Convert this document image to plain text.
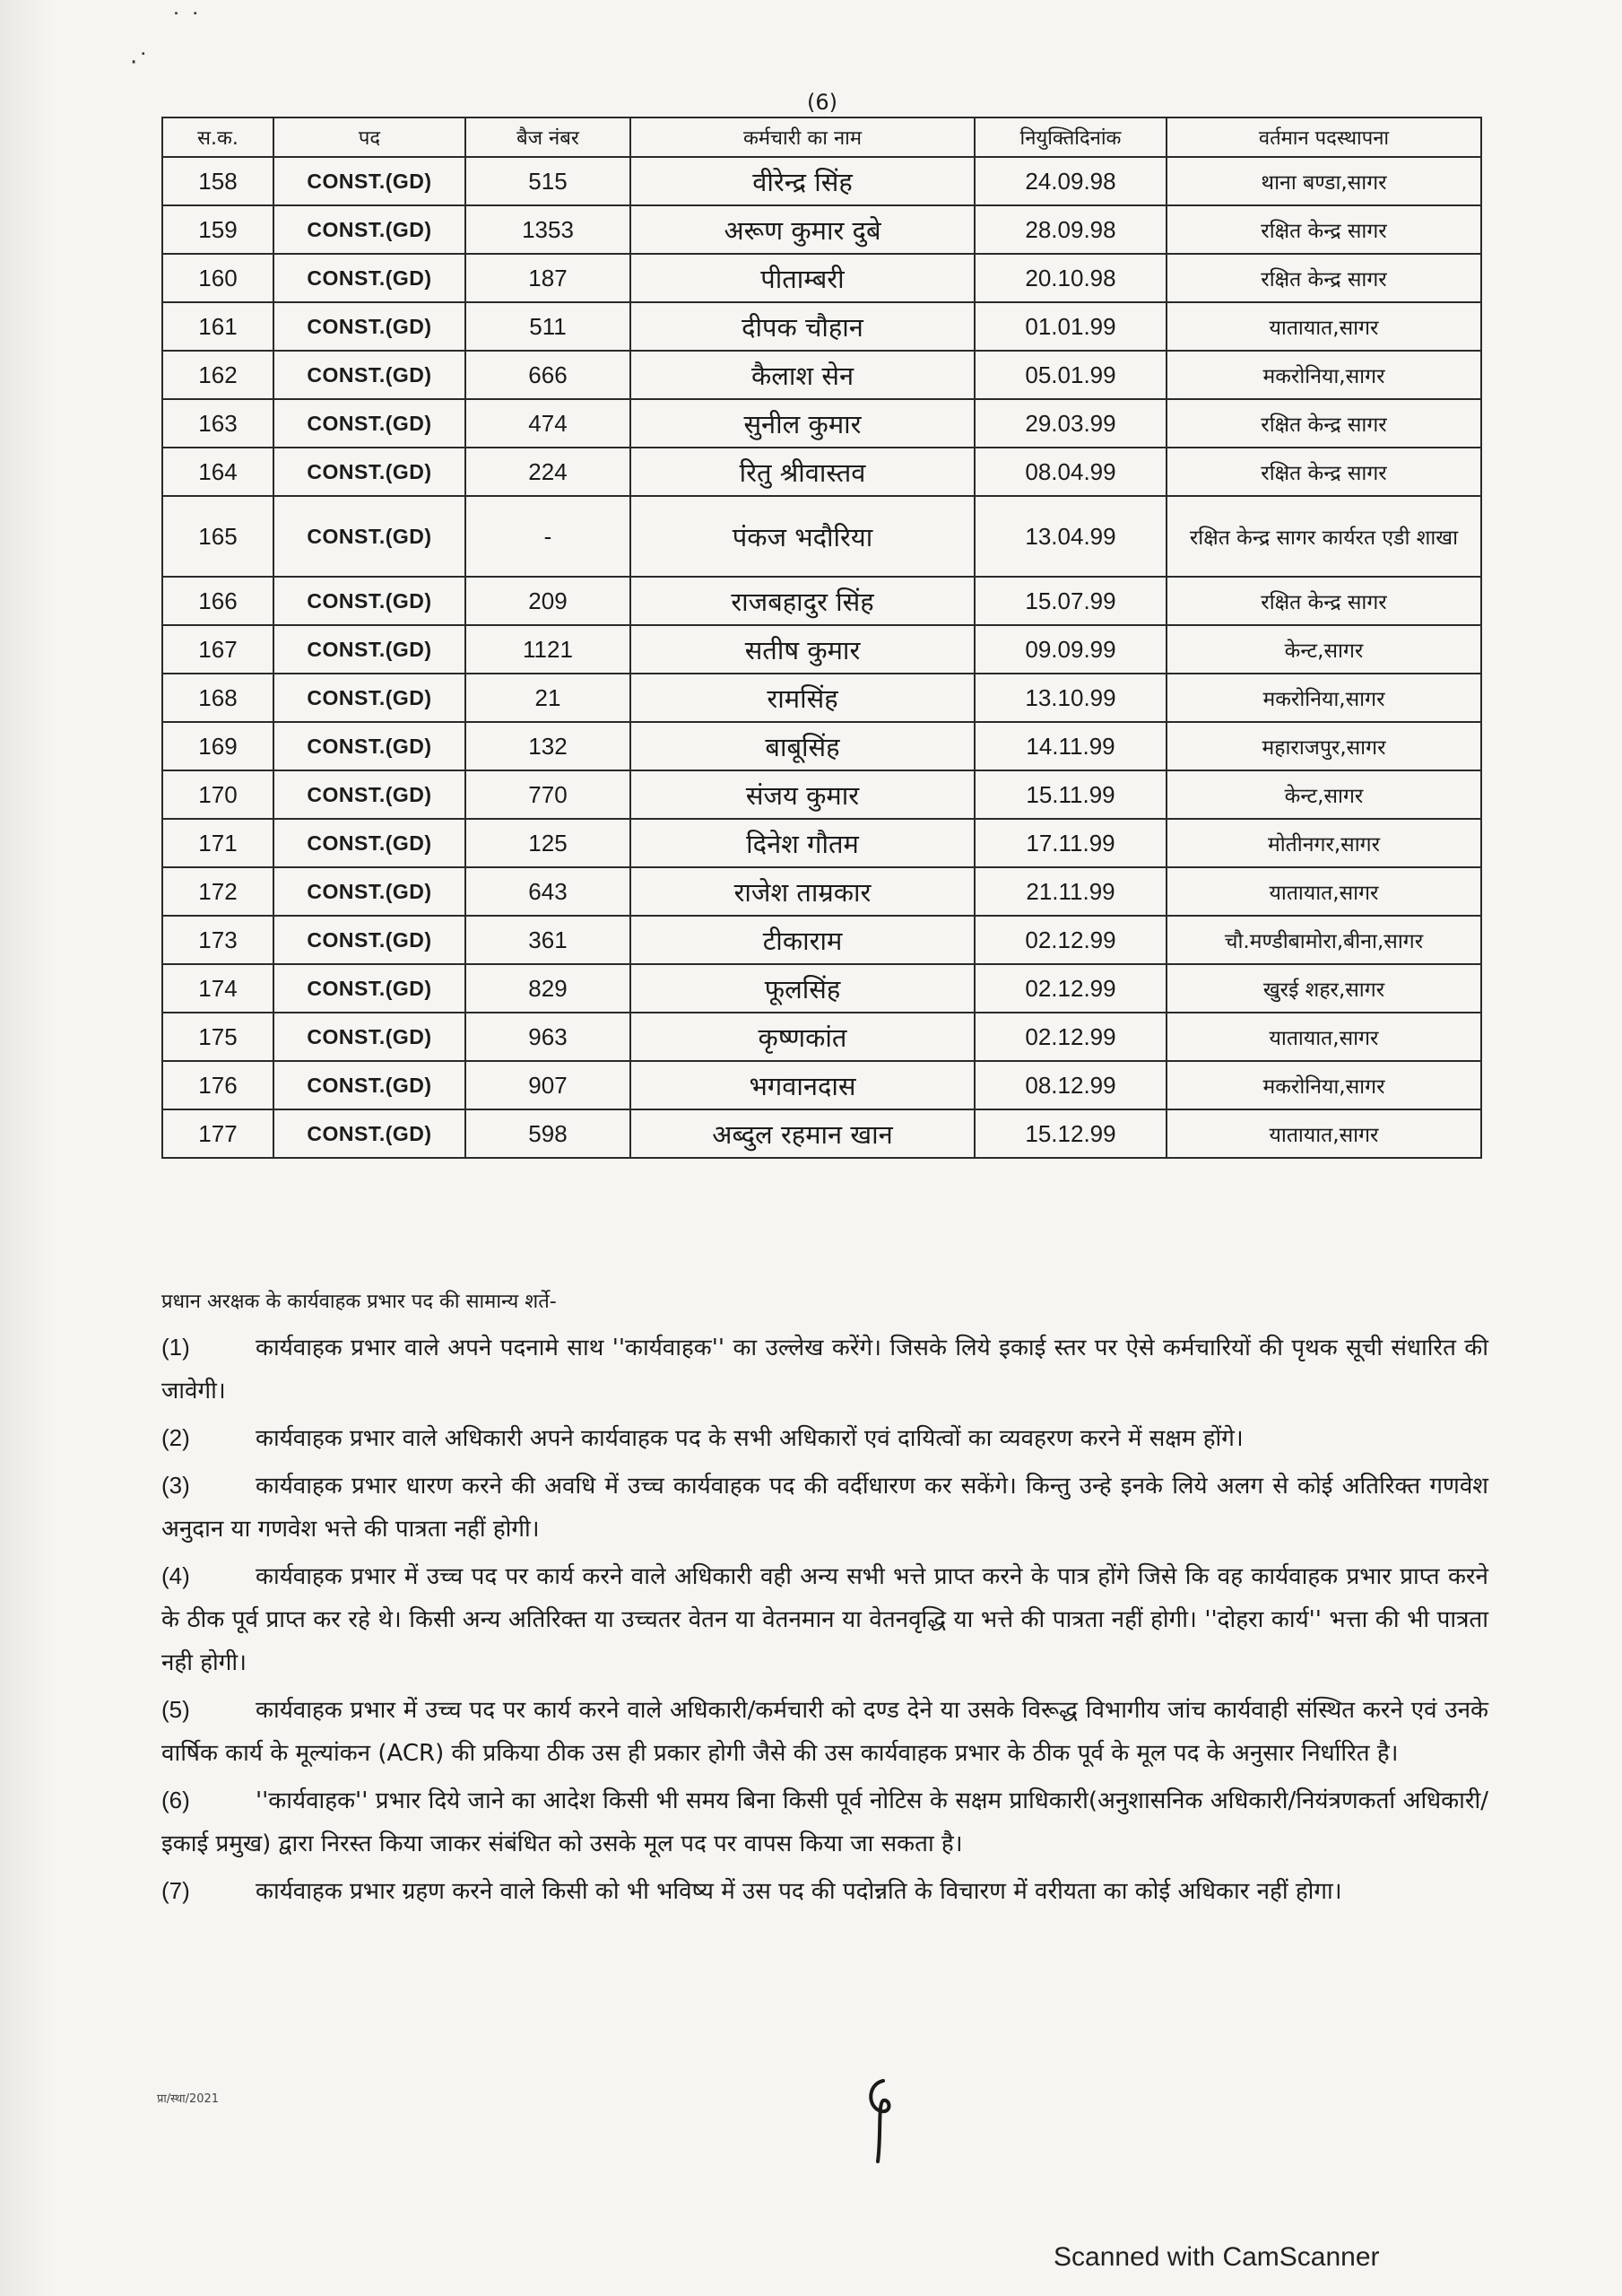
˙ ˙
·˙
(6)
स.क.	पद	बैज नंबर	कर्मचारी का नाम	नियुक्तिदिनांक	वर्तमान पदस्थापना
158	CONST.(GD)	515	वीरेन्द्र सिंह	24.09.98	थाना बण्डा,सागर
159	CONST.(GD)	1353	अरूण कुमार दुबे	28.09.98	रक्षित केन्द्र सागर
160	CONST.(GD)	187	पीताम्बरी	20.10.98	रक्षित केन्द्र सागर
161	CONST.(GD)	511	दीपक चौहान	01.01.99	यातायात,सागर
162	CONST.(GD)	666	कैलाश सेन	05.01.99	मकरोनिया,सागर
163	CONST.(GD)	474	सुनील कुमार	29.03.99	रक्षित केन्द्र सागर
164	CONST.(GD)	224	रितु श्रीवास्तव	08.04.99	रक्षित केन्द्र सागर
165	CONST.(GD)	-	पंकज भदौरिया	13.04.99	रक्षित केन्द्र सागर कार्यरत एडी शाखा
166	CONST.(GD)	209	राजबहादुर सिंह	15.07.99	रक्षित केन्द्र सागर
167	CONST.(GD)	1121	सतीष कुमार	09.09.99	केन्ट,सागर
168	CONST.(GD)	21	रामसिंह	13.10.99	मकरोनिया,सागर
169	CONST.(GD)	132	बाबूसिंह	14.11.99	महाराजपुर,सागर
170	CONST.(GD)	770	संजय कुमार	15.11.99	केन्ट,सागर
171	CONST.(GD)	125	दिनेश गौतम	17.11.99	मोतीनगर,सागर
172	CONST.(GD)	643	राजेश ताम्रकार	21.11.99	यातायात,सागर
173	CONST.(GD)	361	टीकाराम	02.12.99	चौ.मण्डीबामोरा,बीना,सागर
174	CONST.(GD)	829	फूलसिंह	02.12.99	खुरई शहर,सागर
175	CONST.(GD)	963	कृष्णकांत	02.12.99	यातायात,सागर
176	CONST.(GD)	907	भगवानदास	08.12.99	मकरोनिया,सागर
177	CONST.(GD)	598	अब्दुल रहमान खान	15.12.99	यातायात,सागर
प्रधान अरक्षक के कार्यवाहक प्रभार पद की सामान्य शर्ते-

(1)	कार्यवाहक प्रभार वाले अपने पदनामे साथ ''कार्यवाहक'' का उल्लेख करेंगे। जिसके लिये इकाई स्तर पर ऐसे कर्मचारियों की पृथक सूची संधारित की जावेगी।

(2)	कार्यवाहक प्रभार वाले अधिकारी अपने कार्यवाहक पद के सभी अधिकारों एवं दायित्वों का व्यवहरण करने में सक्षम होंगे।

(3)	कार्यवाहक प्रभार धारण करने की अवधि में उच्च कार्यवाहक पद की वर्दीधारण कर सकेंगे। किन्तु उन्हे इनके लिये अलग से कोई अतिरिक्त गणवेश अनुदान या गणवेश भत्ते की पात्रता नहीं होगी।

(4)	कार्यवाहक प्रभार में उच्च पद पर कार्य करने वाले अधिकारी वही अन्य सभी भत्ते प्राप्त करने के पात्र होंगे जिसे कि वह कार्यवाहक प्रभार प्राप्त करने के ठीक पूर्व प्राप्त कर रहे थे। किसी अन्य अतिरिक्त या उच्चतर वेतन या वेतनमान या वेतनवृद्धि या भत्ते की पात्रता नहीं होगी। ''दोहरा कार्य'' भत्ता की भी पात्रता नही होगी।

(5)	कार्यवाहक प्रभार में उच्च पद पर कार्य करने वाले अधिकारी/कर्मचारी को दण्ड देने या उसके विरूद्ध विभागीय जांच कार्यवाही संस्थित करने एवं उनके वार्षिक कार्य के मूल्यांकन (ACR) की प्रकिया ठीक उस ही प्रकार होगी जैसे की उस कार्यवाहक प्रभार के ठीक पूर्व के मूल पद के अनुसार निर्धारित है।

(6)	''कार्यवाहक'' प्रभार दिये जाने का आदेश किसी भी समय बिना किसी पूर्व नोटिस के सक्षम प्राधिकारी(अनुशासनिक अधिकारी/नियंत्रणकर्ता अधिकारी/इकाई प्रमुख) द्वारा निरस्त किया जाकर संबंधित को उसके मूल पद पर वापस किया जा सकता है।

(7)	कार्यवाहक प्रभार ग्रहण करने वाले किसी को भी भविष्य में उस पद की पदोन्नति के विचारण में वरीयता का कोई अधिकार नहीं होगा।

प्रा/स्था/2021
Scanned with CamScanner
